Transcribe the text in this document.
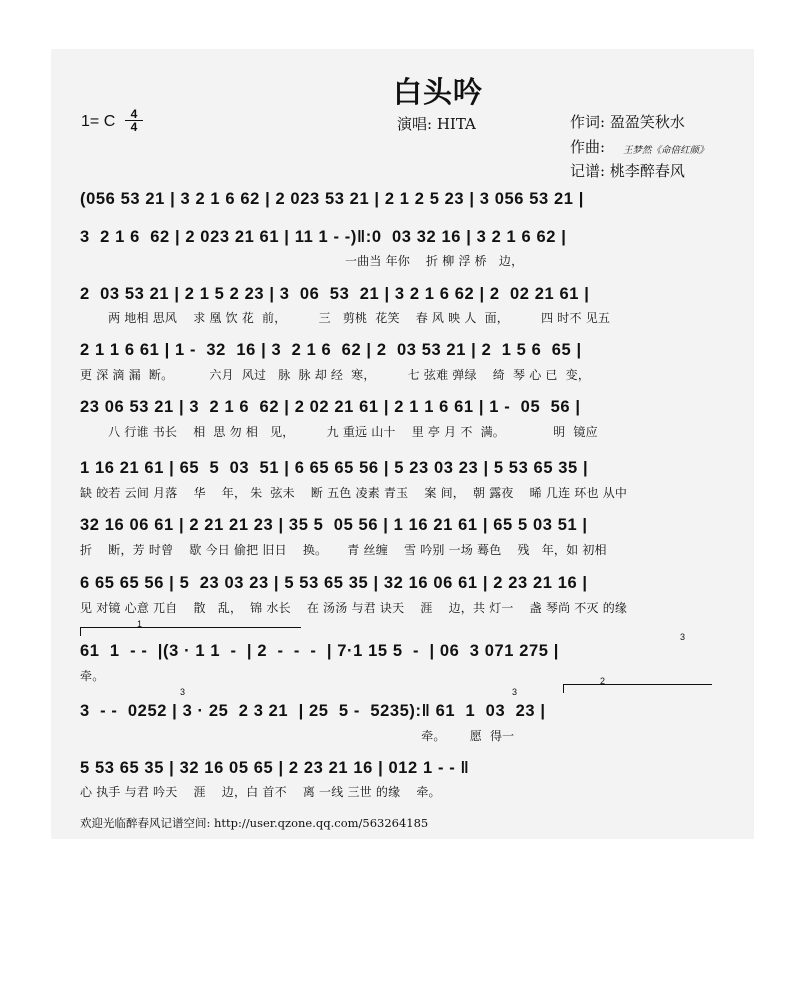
白头吟
1= C	4
4	演唱: HITA	作词: 盈盈笑秋水
作曲: 王梦然《命倍红颜》
记谱: 桃李醉春风
(056 53 21 | 3 2 1 6 62 | 2 023 53 21 | 2 1 2 5 23 | 3 056 53 21 |
3  2 1 6  62 | 2 023 21 61 | 11 1 - -)‖:0  03 32 16 | 3 2 1 6 62 |
一曲当 年你    折 柳 浮 桥   边，
2  03 53 21 | 2 1 5 2 23 | 3  06  53  21 | 3 2 1 6 62 | 2  02 21 61 |
两 地相 思风    求 凰 饮 花  前，        三   剪桃  花笑    春 风 映 人  面，        四 时不 见五
2 1 1 6 61 | 1 -  32  16 | 3  2 1 6  62 | 2  03 53 21 | 2  1 5 6  65 |
更 深 滴 漏  断。         六月  风过   脉  脉 却 经  寒，        七 弦难 弹绿    绮  琴 心 已  变，
23 06 53 21 | 3  2 1 6  62 | 2 02 21 61 | 2 1 1 6 61 | 1 -  05  56 |
八 行谁 书长    相  思 勿 相   见，        九 重远 山十    里 亭 月 不  满。            明  镜应
1 16 21 61 | 65  5  03  51 | 6 65 65 56 | 5 23 03 23 | 5 53 65 35 |
缺 皎若 云间 月落    华    年， 朱  弦未    断 五色 凌素 青玉    案 间，  朝 露夜    晞 几连 环也 从中
32 16 06 61 | 2 21 21 23 | 35 5  05 56 | 1 16 21 61 | 65 5 03 51 |
折    断，芳 时曾    歇 今日 偷把 旧日    换。     青 丝缠    雪 吟别 一场 蓦色    残   年，如 初相
6 65 65 56 | 5  23 03 23 | 5 53 65 35 | 32 16 06 61 | 2 23 21 16 |
见 对镜 心意 兀自    散   乱，  锦 水长    在 汤汤 与君 诀天    涯    边，共 灯一    盏 琴尚 不灭 的缘
1
61  1  - -  |(3 · 1 1  -  | 2  -  -  -  | 7·1 15 5  -  | 06  3 071 275 |
牵。
3
3	3
2
3  - -  0252 | 3 · 25  2 3 21  | 25  5 -  5235):‖ 61  1  03  23 |
牵。      愿  得一
5 53 65 35 | 32 16 05 65 | 2 23 21 16 | 012 1 - - ‖
心 执手 与君 吟天    涯    边，白 首不    离 一线 三世 的缘    牵。
欢迎光临醉春风记谱空间: http://user.qzone.qq.com/563264185
